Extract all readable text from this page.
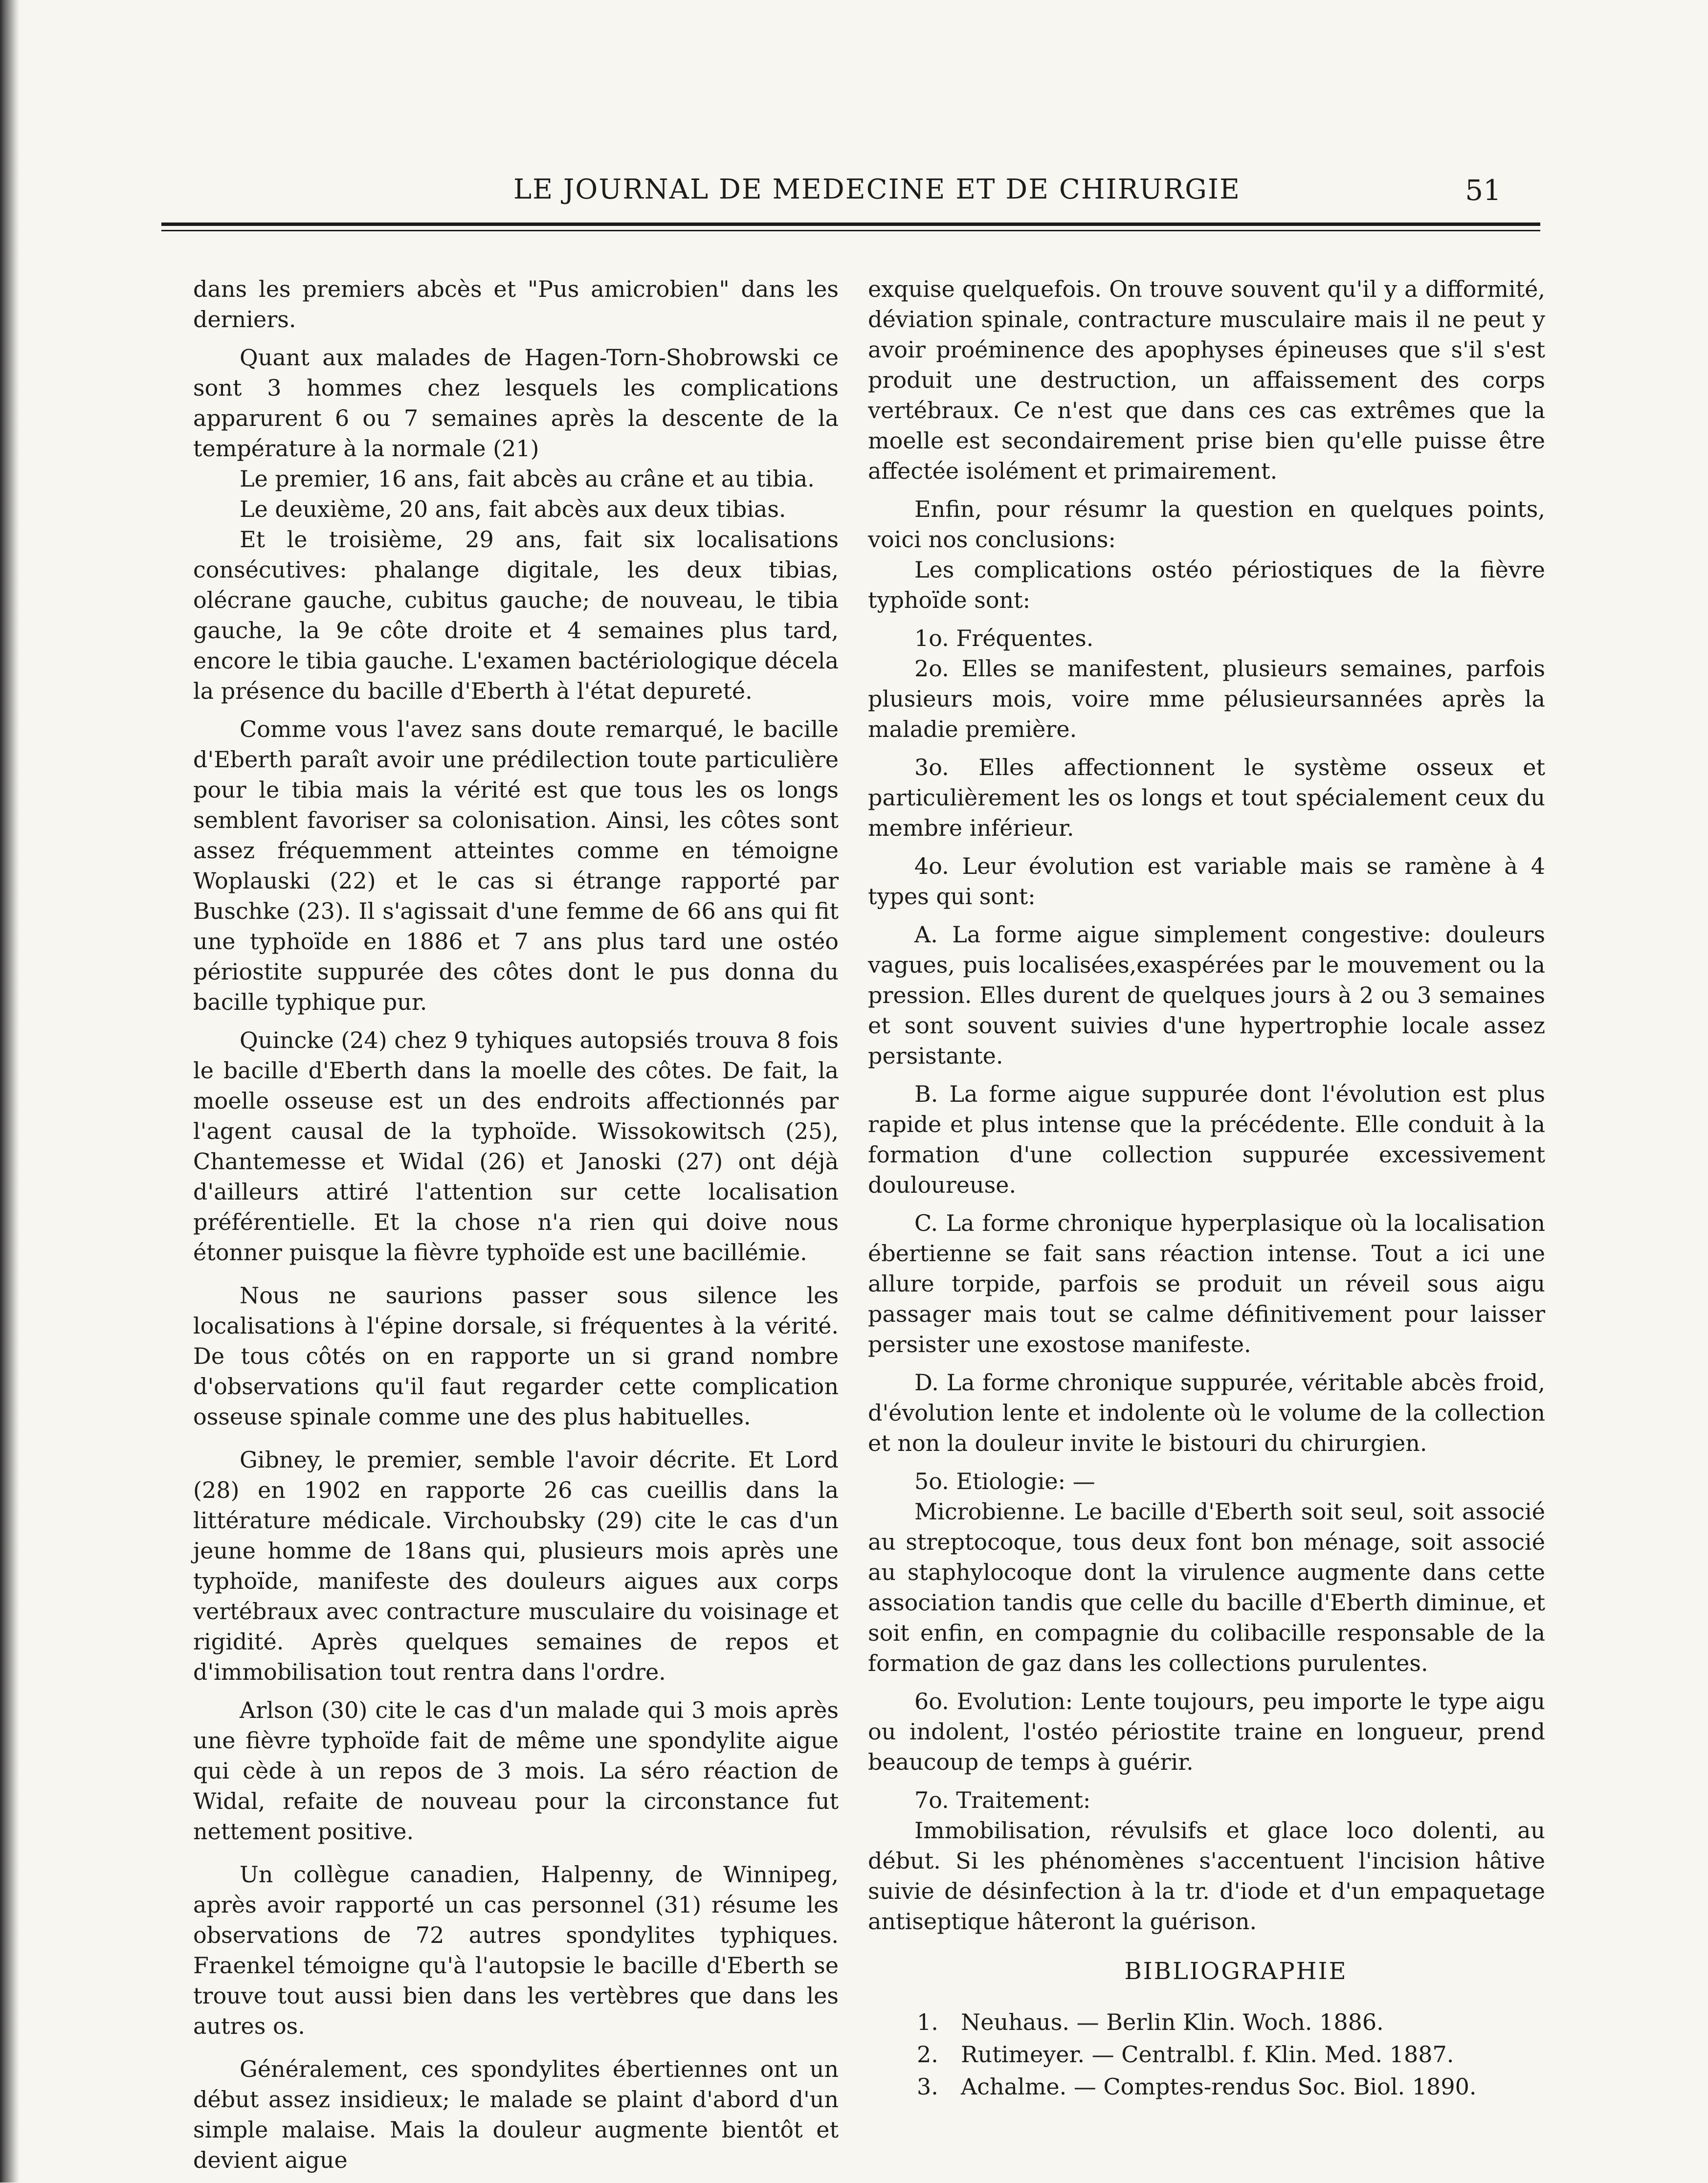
LE JOURNAL DE MEDECINE ET DE CHIRURGIE	51

dans les premiers abcès et "Pus amicrobien" dans les derniers.

Quant aux malades de Hagen-Torn-Shobrowski ce sont 3 hommes chez lesquels les complications apparurent 6 ou 7 semaines après la descente de la température à la normale (21)

Le premier, 16 ans, fait abcès au crâne et au tibia.

Le deuxième, 20 ans, fait abcès aux deux tibias.

Et le troisième, 29 ans, fait six localisations consécutives: phalange digitale, les deux tibias, olécrane gauche, cubitus gauche; de nouveau, le tibia gauche, la 9e côte droite et 4 semaines plus tard, encore le tibia gauche. L'examen bactériologique décela la présence du bacille d'Eberth à l'état depureté.

Comme vous l'avez sans doute remarqué, le bacille d'Eberth paraît avoir une prédilection toute particulière pour le tibia mais la vérité est que tous les os longs semblent favoriser sa colonisation. Ainsi, les côtes sont assez fréquemment atteintes comme en témoigne Woplauski (22) et le cas si étrange rapporté par Buschke (23). Il s'agissait d'une femme de 66 ans qui fit une typhoïde en 1886 et 7 ans plus tard une ostéo périostite suppurée des côtes dont le pus donna du bacille typhique pur.

Quincke (24) chez 9 tyhiques autopsiés trouva 8 fois le bacille d'Eberth dans la moelle des côtes. De fait, la moelle osseuse est un des endroits affectionnés par l'agent causal de la typhoïde. Wissokowitsch (25), Chantemesse et Widal (26) et Janoski (27) ont déjà d'ailleurs attiré l'attention sur cette localisation préférentielle. Et la chose n'a rien qui doive nous étonner puisque la fièvre typhoïde est une bacillémie.

Nous ne saurions passer sous silence les localisations à l'épine dorsale, si fréquentes à la vérité. De tous côtés on en rapporte un si grand nombre d'observations qu'il faut regarder cette complication osseuse spinale comme une des plus habituelles.

Gibney, le premier, semble l'avoir décrite. Et Lord (28) en 1902 en rapporte 26 cas cueillis dans la littérature médicale. Virchoubsky (29) cite le cas d'un jeune homme de 18ans qui, plusieurs mois après une typhoïde, manifeste des douleurs aigues aux corps vertébraux avec contracture musculaire du voisinage et rigidité. Après quelques semaines de repos et d'immobilisation tout rentra dans l'ordre.

Arlson (30) cite le cas d'un malade qui 3 mois après une fièvre typhoïde fait de même une spondylite aigue qui cède à un repos de 3 mois. La séro réaction de Widal, refaite de nouveau pour la circonstance fut nettement positive.

Un collègue canadien, Halpenny, de Winnipeg, après avoir rapporté un cas personnel (31) résume les observations de 72 autres spondylites typhiques. Fraenkel témoigne qu'à l'autopsie le bacille d'Eberth se trouve tout aussi bien dans les vertèbres que dans les autres os.

Généralement, ces spondylites ébertiennes ont un début assez insidieux; le malade se plaint d'abord d'un simple malaise. Mais la douleur augmente bientôt et devient aigue

exquise quelquefois. On trouve souvent qu'il y a difformité, déviation spinale, contracture musculaire mais il ne peut y avoir proéminence des apophyses épineuses que s'il s'est produit une destruction, un affaissement des corps vertébraux. Ce n'est que dans ces cas extrêmes que la moelle est secondairement prise bien qu'elle puisse être affectée isolément et primairement.

Enfin, pour résumr la question en quelques points, voici nos conclusions:

Les complications ostéo périostiques de la fièvre typhoïde sont:

1o. Fréquentes.

2o. Elles se manifestent, plusieurs semaines, parfois plusieurs mois, voire mme pélusieursannées après la maladie première.

3o. Elles affectionnent le système osseux et particulièrement les os longs et tout spécialement ceux du membre inférieur.

4o. Leur évolution est variable mais se ramène à 4 types qui sont:

A. La forme aigue simplement congestive: douleurs vagues, puis localisées,exaspérées par le mouvement ou la pression. Elles durent de quelques jours à 2 ou 3 semaines et sont souvent suivies d'une hypertrophie locale assez persistante.

B. La forme aigue suppurée dont l'évolution est plus rapide et plus intense que la précédente. Elle conduit à la formation d'une collection suppurée excessivement douloureuse.

C. La forme chronique hyperplasique où la localisation ébertienne se fait sans réaction intense. Tout a ici une allure torpide, parfois se produit un réveil sous aigu passager mais tout se calme définitivement pour laisser persister une exostose manifeste.

D. La forme chronique suppurée, véritable abcès froid, d'évolution lente et indolente où le volume de la collection et non la douleur invite le bistouri du chirurgien.

5o. Etiologie: —

Microbienne. Le bacille d'Eberth soit seul, soit associé au streptocoque, tous deux font bon ménage, soit associé au staphylocoque dont la virulence augmente dans cette association tandis que celle du bacille d'Eberth diminue, et soit enfin, en compagnie du colibacille responsable de la formation de gaz dans les collections purulentes.

6o. Evolution: Lente toujours, peu importe le type aigu ou indolent, l'ostéo périostite traine en longueur, prend beaucoup de temps à guérir.

7o. Traitement:

Immobilisation, révulsifs et glace loco dolenti, au début. Si les phénomènes s'accentuent l'incision hâtive suivie de désinfection à la tr. d'iode et d'un empaquetage antiseptique hâteront la guérison.

BIBLIOGRAPHIE
1.	Neuhaus. — Berlin Klin. Woch. 1886.
2.	Rutimeyer. — Centralbl. f. Klin. Med. 1887.
3.	Achalme. — Comptes-rendus Soc. Biol. 1890.
